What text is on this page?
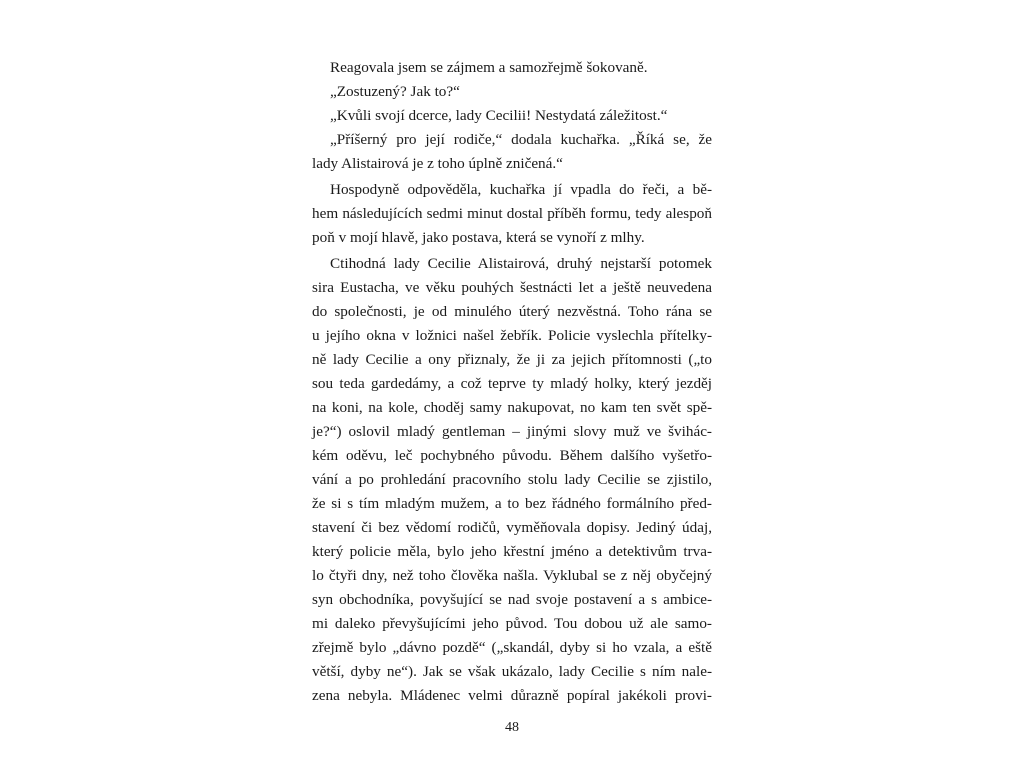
Reagovala jsem se zájmem a samozřejmě šokovaně.
„Zostuzený? Jak to?“
„Kvůli svojí dcerce, lady Cecilii! Nestydatá záležitost.“
„Příšerný pro její rodiče,“ dodala kuchařka. „Říká se, že
lady Alistairová je z toho úplně zničená.“
Hospodyně odpověděla, kuchařka jí vpadla do řeči, a bě-
hem následujících sedmi minut dostal příběh formu, tedy alespoň
poň v mojí hlavě, jako postava, která se vynoří z mlhy.
Ctihodná lady Cecilie Alistairová, druhý nejstarší potomek
sira Eustacha, ve věku pouhých šestnácti let a ještě neuvedena
do společnosti, je od minulého úterý nezvěstná. Toho rána se
u jejího okna v ložnici našel žebřík. Policie vyslechla přítelky-
ně lady Cecilie a ony přiznaly, že ji za jejich přítomnosti („to
sou teda gardedámy, a což teprve ty mladý holky, který jezděj
na koni, na kole, choděj samy nakupovat, no kam ten svět spě-
je?“) oslovil mladý gentleman – jinými slovy muž ve švihác-
kém oděvu, leč pochybného původu. Během dalšího vyšetřo-
vání a po prohledání pracovního stolu lady Cecilie se zjistilo,
že si s tím mladým mužem, a to bez řádného formálního před-
stavení či bez vědomí rodičů, vyměňovala dopisy. Jediný údaj,
který policie měla, bylo jeho křestní jméno a detektivům trva-
lo čtyři dny, než toho člověka našla. Vyklubal se z něj obyčejný
syn obchodníka, povyšující se nad svoje postavení a s ambice-
mi daleko převyšujícími jeho původ. Tou dobou už ale samo-
zřejmě bylo „dávno pozdě“ („skandál, dyby si ho vzala, a eště
větší, dyby ne“). Jak se však ukázalo, lady Cecilie s ním nale-
zena nebyla. Mládenec velmi důrazně popíral jakékoli provi-
48
